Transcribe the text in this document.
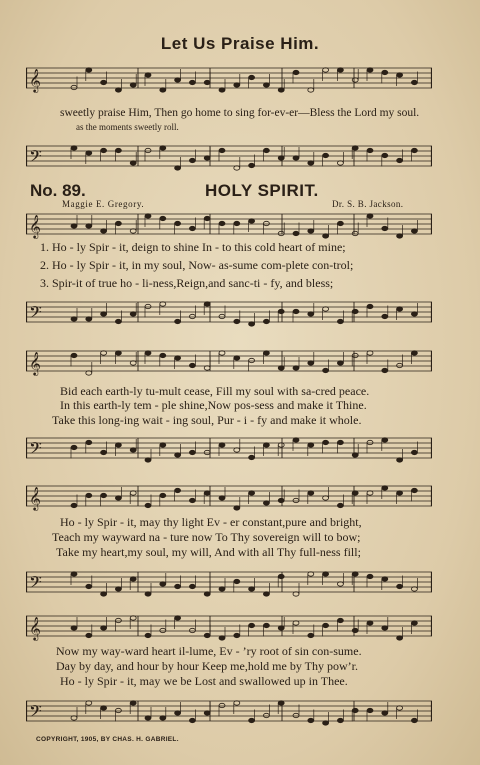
Let Us Praise Him.
𝄞
sweetly praise Him, Then go home to sing for-ev-er—Bless the Lord my soul.
as the moments sweetly roll.
𝄢
No. 89.	HOLY SPIRIT.
Maggie E. Gregory.	Dr. S. B. Jackson.
𝄞
1. Ho - ly Spir - it, deign to shine In - to this cold heart of mine;
2. Ho - ly Spir - it, in my soul, Now- as-sume com-plete con-trol;
3. Spir-it of true ho - li-ness,Reign,and sanc-ti - fy, and bless;
𝄢
𝄞
Bid each earth-ly tu-mult cease, Fill my soul with sa-cred peace.
In this earth-ly tem - ple shine,Now pos-sess and make it Thine.
Take this long-ing wait - ing soul, Pur - i - fy and make it whole.
𝄢
𝄞
Ho - ly Spir - it, may thy light Ev - er constant,pure and bright,
Teach my wayward na - ture now To Thy sovereign will to bow;
Take my heart,my soul, my will, And with all Thy full-ness fill;
𝄢
𝄞
Now my way-ward heart il-lume, Ev - ’ry root of sin con-sume.
Day by day, and hour by hour Keep me,hold me by Thy pow’r.
Ho - ly Spir - it, may we be Lost and swallowed up in Thee.
𝄢
COPYRIGHT, 1905, BY CHAS. H. GABRIEL.
